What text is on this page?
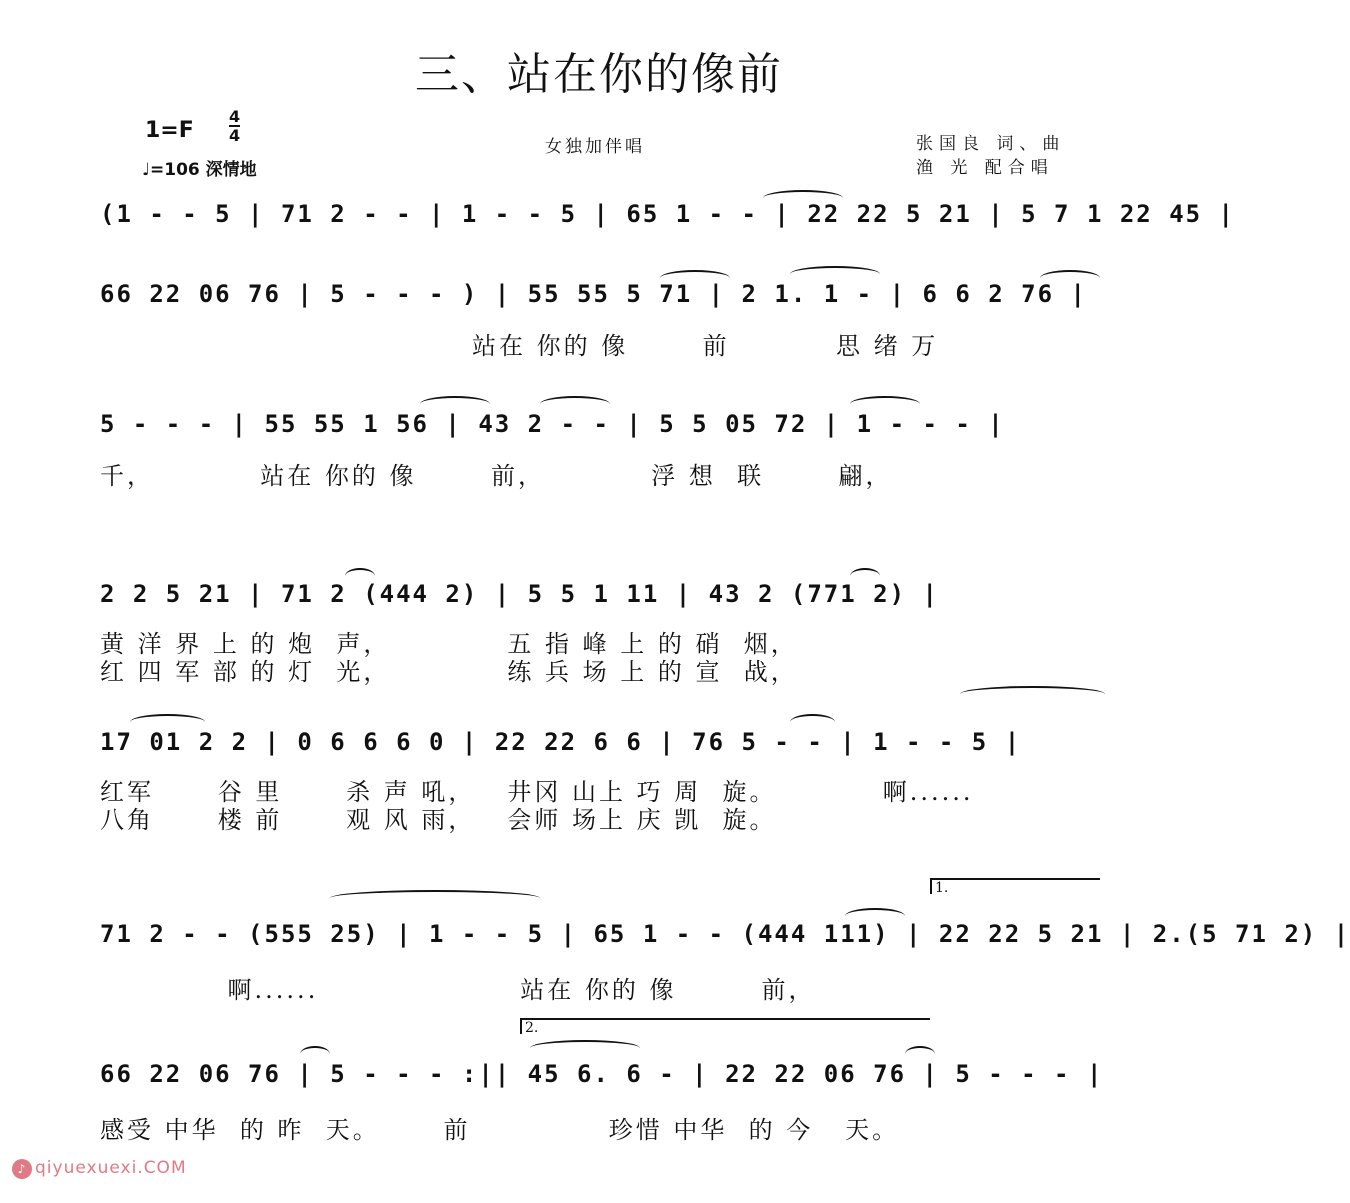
三、站在你的像前
1=F
4
4
♩=106 深情地
女独加伴唱	张国良 词、曲
渔 光 配合唱
(1 - - 5 | 71 2 - - | 1 - - 5 | 65 1 - - | 22 22 5 21 | 5 7 1 22 45 |
66 22 06 76 | 5 - - - ) | 55 55 5 71 | 2 1. 1 - | 6 6 2 76 |
站在 你的 像       前          思 绪 万
5 - - - | 55 55 1 56 | 43 2 - - | 5 5 05 72 | 1 - - - |
千，          站在 你的 像       前，          浮 想  联       翩，
2 2 5 21 | 71 2 (444 2) | 5 5 1 11 | 43 2 (771 2) |
黄 洋 界 上 的 炮  声，           五 指 峰 上 的 硝  烟，
红 四 军 部 的 灯  光，           练 兵 场 上 的 宣  战，
17 01 2 2 | 0 6 6 6 0 | 22 22 6 6 | 76 5 - - | 1 - - 5 |
红军      谷 里      杀 声 吼，   井冈 山上 巧 周  旋。          啊......
八角      楼 前      观 风 雨，   会师 场上 庆 凯  旋。
71 2 - - (555 25) | 1 - - 5 | 65 1 - - (444 111) | 22 22 5 21 | 2.(5 71 2) |
1.
啊......                   站在 你的 像        前，
66 22 06 76 | 5 - - - :|| 45 6. 6 - | 22 22 06 76 | 5 - - - |
2.
感受 中华  的 昨  天。      前             珍惜 中华  的 今   天。
♪ qiyuexuexi.COM
